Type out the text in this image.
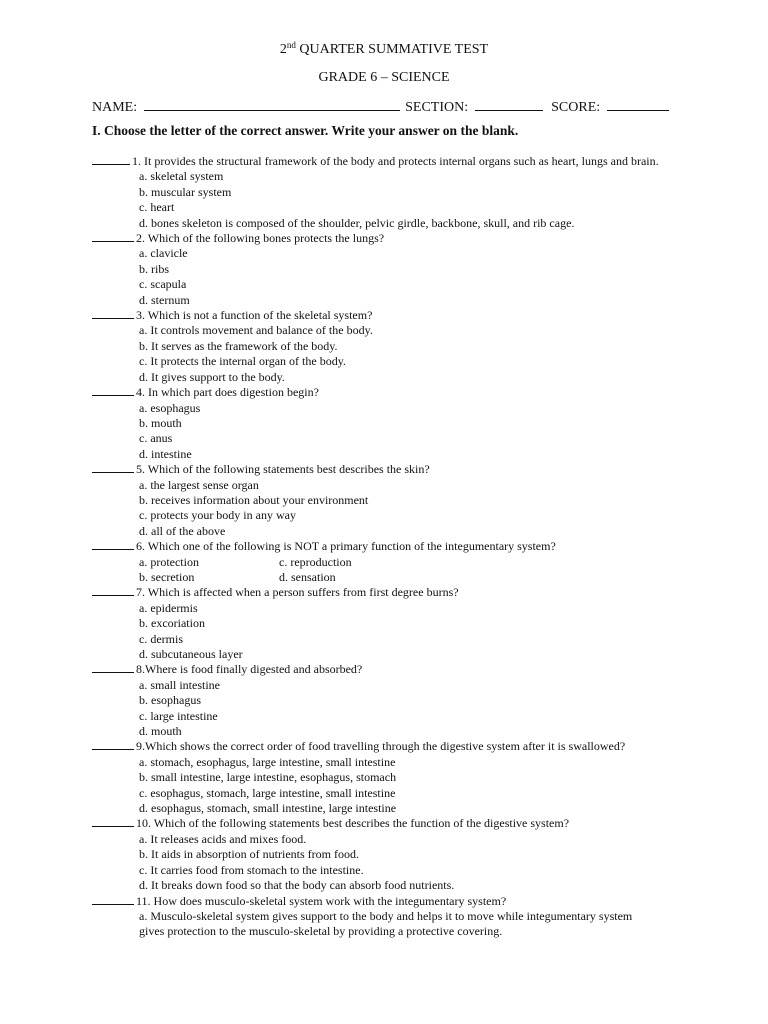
2nd QUARTER SUMMATIVE TEST
GRADE 6 – SCIENCE
NAME:	SECTION:	SCORE:
I. Choose the letter of the correct answer. Write your answer on the blank.

1. It provides the structural framework of the body and protects internal organs such as heart, lungs and brain.

a. skeletal system

b. muscular system

c. heart

d. bones skeleton is composed of the shoulder, pelvic girdle, backbone, skull, and rib cage.

2. Which of the following bones protects the lungs?

a. clavicle

b. ribs

c. scapula

d. sternum

3. Which is not a function of the skeletal system?

a. It controls movement and balance of the body.

b. It serves as the framework of the body.

c. It protects the internal organ of the body.

d. It gives support to the body.

4. In which part does digestion begin?

a. esophagus

b. mouth

c. anus

d. intestine

5. Which of the following statements best describes the skin?

a. the largest sense organ

b. receives information about your environment

c. protects your body in any way

d. all of the above

6. Which one of the following is NOT a primary function of the integumentary system?

a. protection	c. reproduction
b. secretion	d. sensation

7. Which is affected when a person suffers from first degree burns?

a. epidermis

b. excoriation

c. dermis

d. subcutaneous layer

8.Where is food finally digested and absorbed?

a. small intestine

b. esophagus

c. large intestine

d. mouth

9.Which shows the correct order of food travelling through the digestive system after it is swallowed?

a. stomach, esophagus, large intestine, small intestine

b. small intestine, large intestine, esophagus, stomach

c. esophagus, stomach, large intestine, small intestine

d. esophagus, stomach, small intestine, large intestine

10. Which of the following statements best describes the function of the digestive system?

a. It releases acids and mixes food.

b. It aids in absorption of nutrients from food.

c. It carries food from stomach to the intestine.

d. It breaks down food so that the body can absorb food nutrients.

11. How does musculo-skeletal system work with the integumentary system?

a. Musculo-skeletal system gives support to the body and helps it to move while integumentary system gives protection to the musculo-skeletal by providing a protective covering.
